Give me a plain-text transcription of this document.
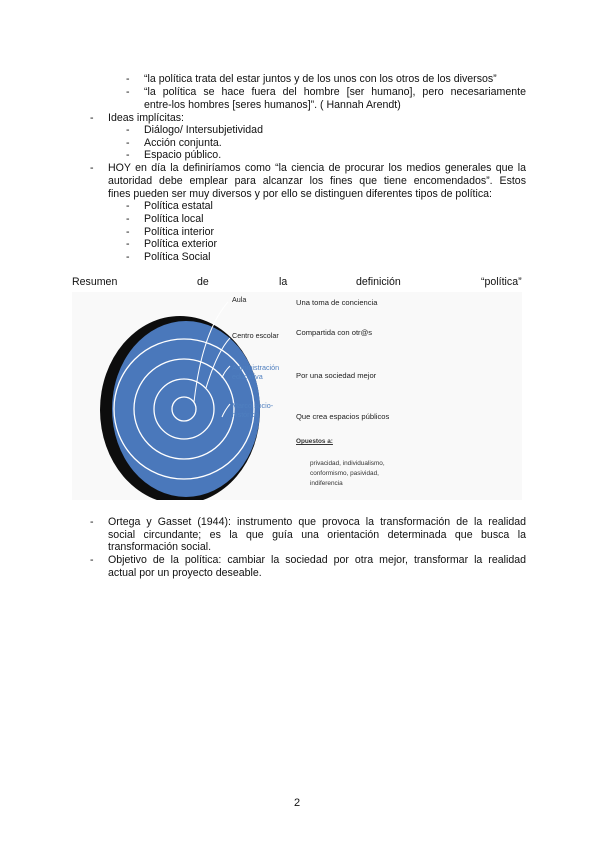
- “la política trata del estar juntos y de los unos con los otros de los diversos”
- “la política se hace fuera del hombre [ser humano], pero necesariamente
entre-los hombres [seres humanos]”. ( Hannah Arendt)
- Ideas implícitas:
- Diálogo/ Intersubjetividad
- Acción conjunta.
- Espacio público.
- HOY en día la definiríamos como “la ciencia de procurar los medios generales que la
autoridad debe emplear para alcanzar los fines que tiene encomendados”. Estos
fines pueden ser muy diversos y por ello se distinguen diferentes tipos de política:
- Política estatal
- Política local
- Política interior
- Política exterior
- Política Social
Resumen	de	la	definición	“política”
Aula
Centro escolar
Administración
educativa
Marco socio-
histórico
Una toma de conciencia
Compartida con otr@s
Por una sociedad mejor
Que crea espacios públicos
Opuestos a:
privacidad, individualismo,
conformismo, pasividad,
indiferencia
- Ortega y Gasset (1944): instrumento que provoca la transformación de la realidad
social circundante; es la que guía una orientación determinada que busca la
transformación social.
- Objetivo de la política: cambiar la sociedad por otra mejor, transformar la realidad
actual por un proyecto deseable.
2
